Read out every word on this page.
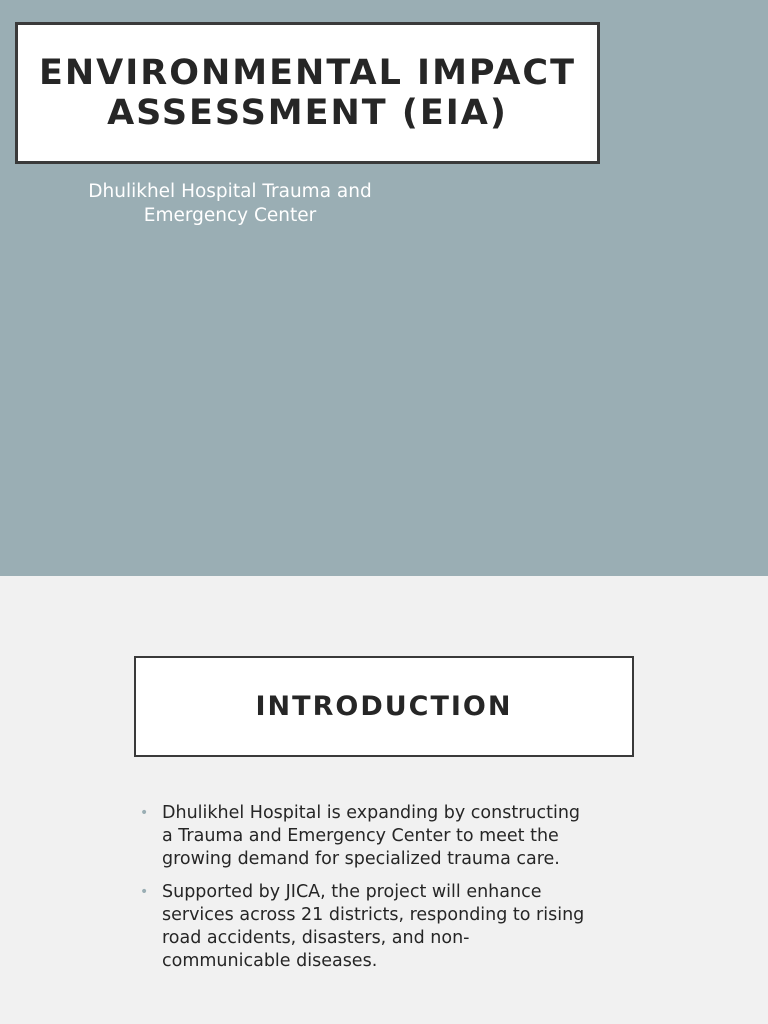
ENVIRONMENTAL IMPACT
ASSESSMENT (EIA)

Dhulikhel Hospital Trauma and
Emergency Center

INTRODUCTION
• Dhulikhel Hospital is expanding by constructing
a Trauma and Emergency Center to meet the
growing demand for specialized trauma care.
• Supported by JICA, the project will enhance
services across 21 districts, responding to rising
road accidents, disasters, and non-
communicable diseases.
